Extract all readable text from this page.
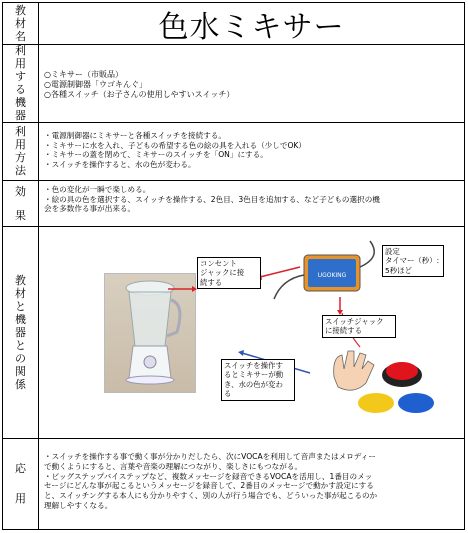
教
材
名	色水ミキサー
利
用
す
る
機
器
○ミキサー（市販品）
○電源制御器「ウゴキんぐ」
○各種スイッチ（お子さんの使用しやすいスイッチ）
利
用
方
法
・電源制御器にミキサーと各種スイッチを接続する。
・ミキサーに水を入れ、子どもの希望する色の絵の具を入れる（少しでOK）
・ミキサーの蓋を閉めて、ミキサーのスイッチを「ON」にする。
・スイッチを操作すると、水の色が変わる。
効
果
・色の変化が一瞬で楽しめる。
・絵の具の色を選択する、スイッチを操作する、2色目、3色目を追加する、など子どもの選択の機
会を多数作る事が出来る。
教
材
と
機
器
と
の
関
係
UGOKING
コンセント
ジャックに接
続する
設定
タイマー（秒）:
5秒ほど
スイッチジャック
に接続する
スイッチを操作す
るとミキサーが動
き、水の色が変わ
る
応
用
・スイッチを操作する事で動く事が分かりだしたら、次にVOCAを利用して音声またはメロディー
で動くようにすると、言葉や音楽の理解につながり、楽しさにもつながる。
・ビッグステップバイステップなど、複数メッセージを録音できるVOCAを活用し、1番目のメッ
セージにどんな事が起こるというメッセージを録音して、2番目のメッセージで動かす設定にする
と、スイッチングする本人にも分かりやすく、別の人が行う場合でも、どういった事が起こるのか
理解しやすくなる。
